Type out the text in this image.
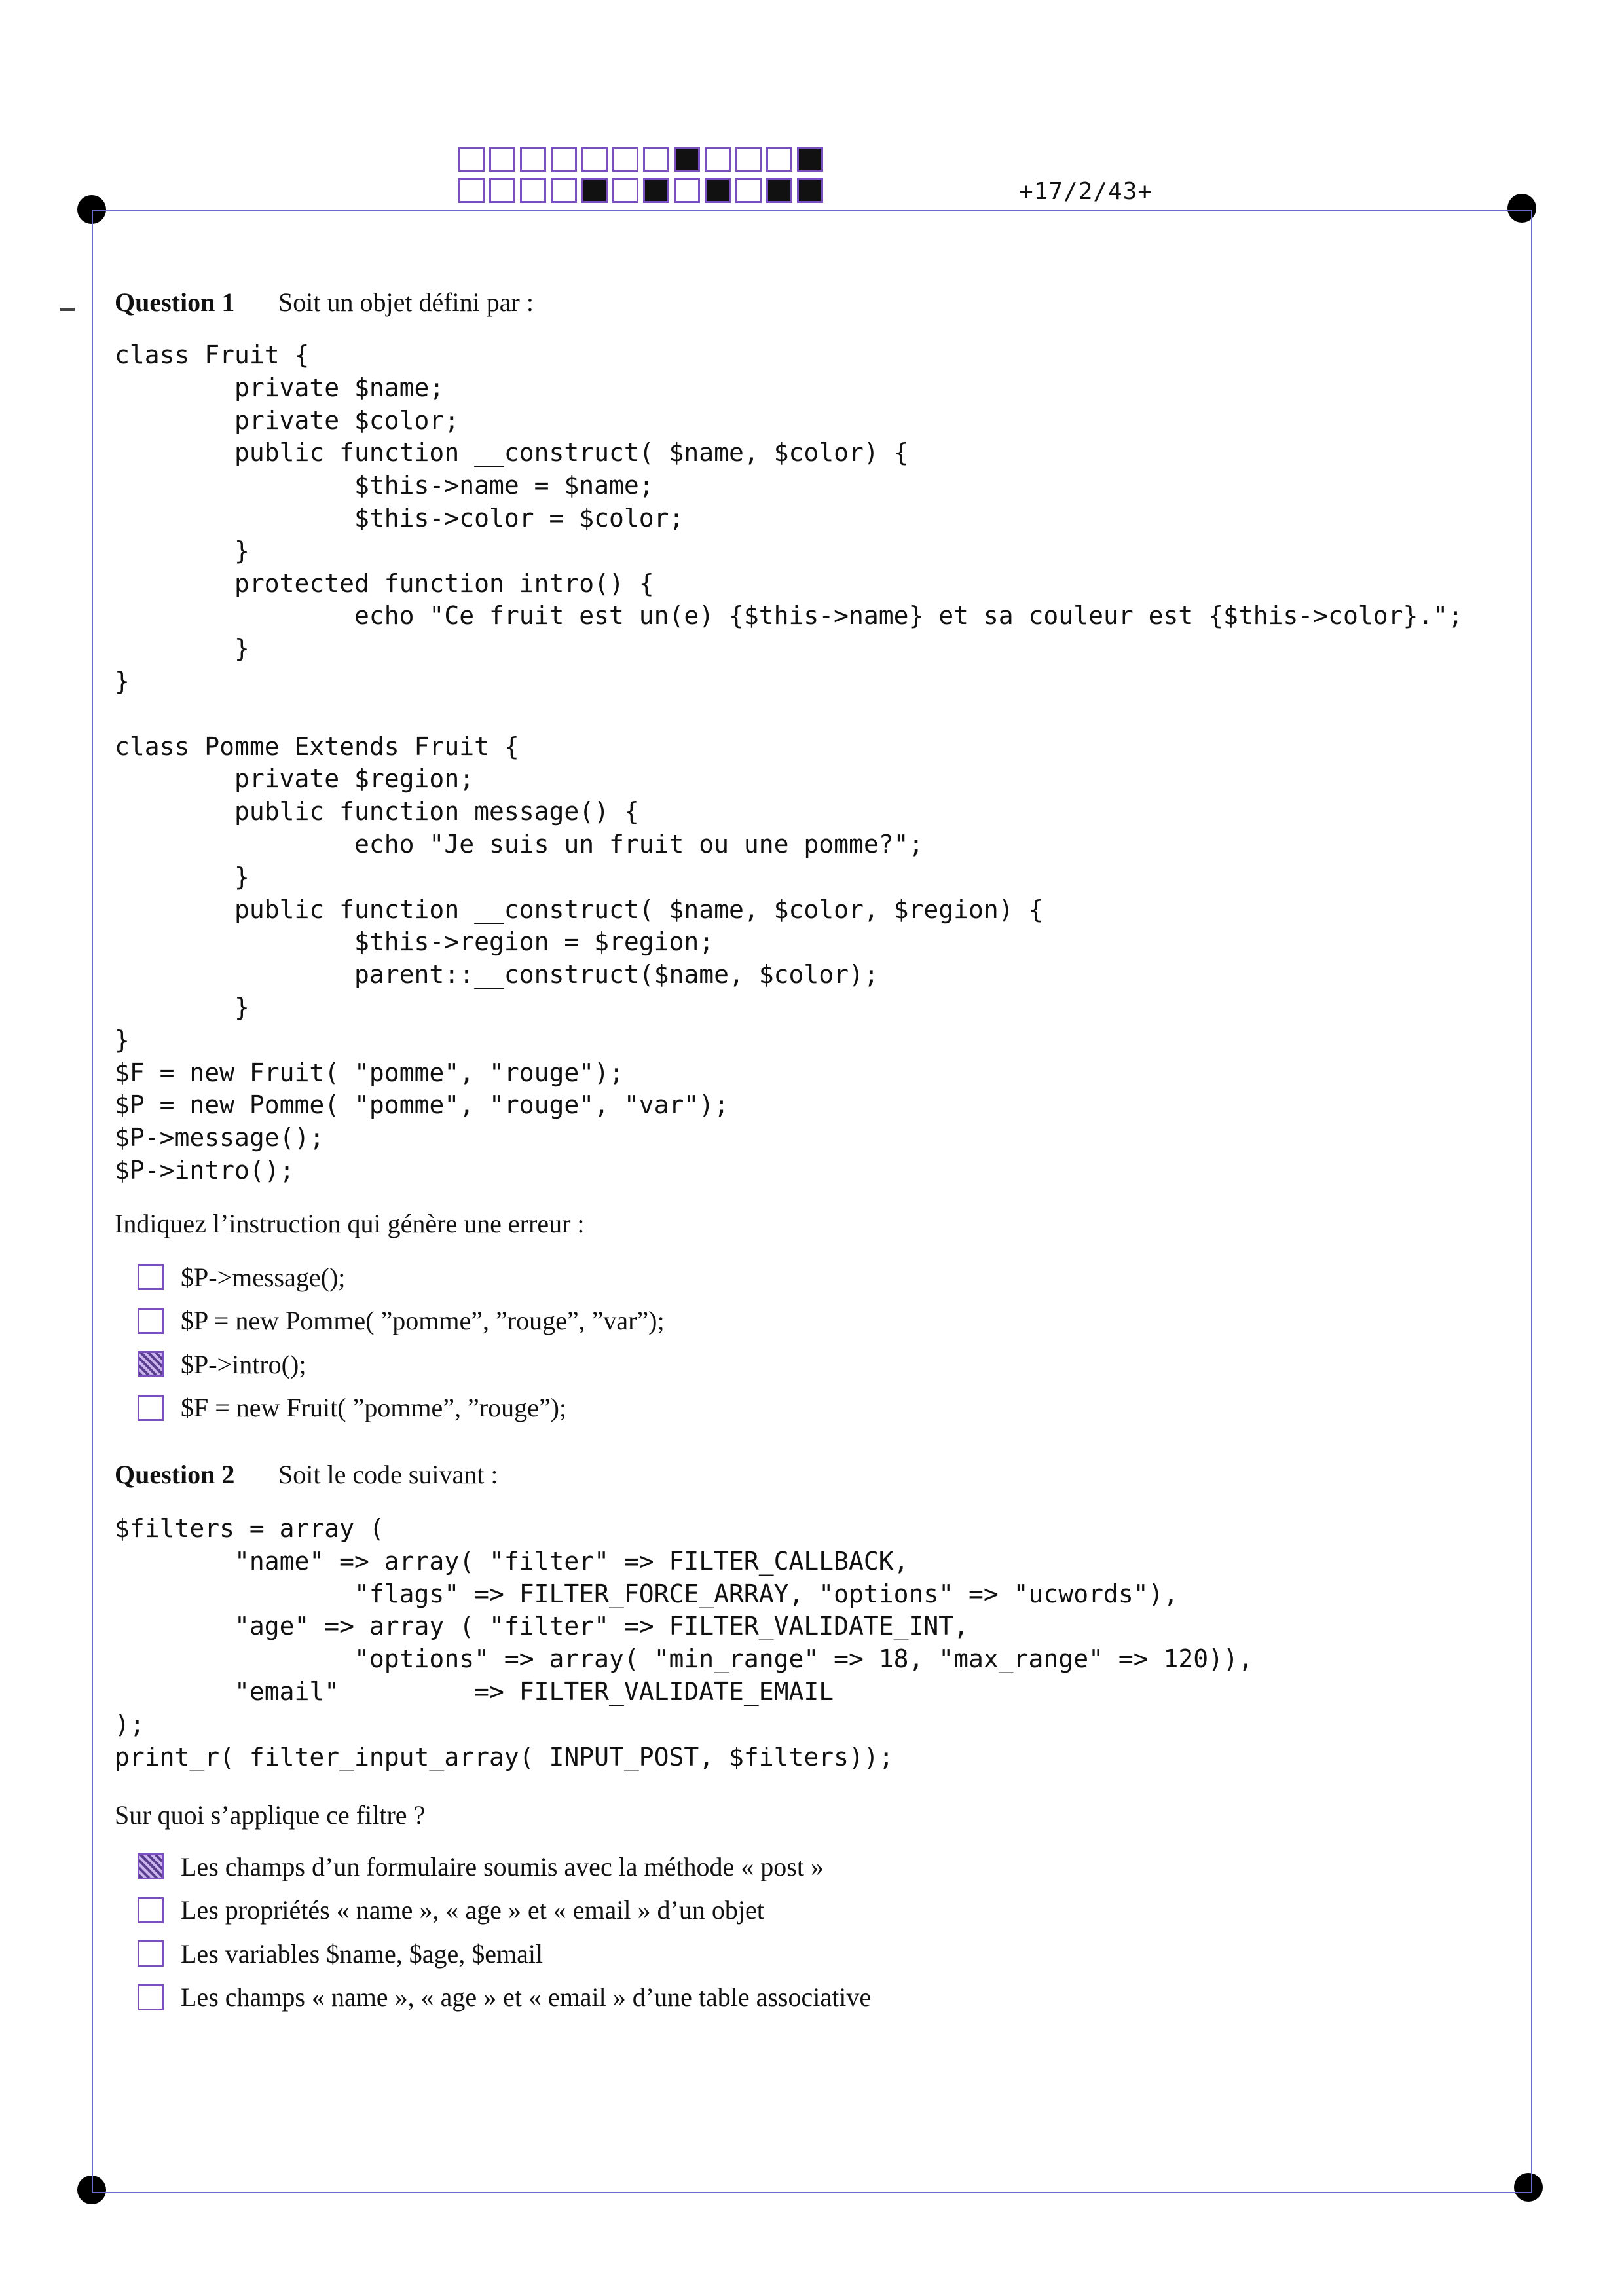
+17/2/43+
Question 1	Soit un objet défini par :
class Fruit {
private $name;
private $color;
public function __construct( $name, $color) {
$this->name = $name;
$this->color = $color;
}
protected function intro() {
echo "Ce fruit est un(e) {$this->name} et sa couleur est {$this->color}.";
}
}
class Pomme Extends Fruit {
private $region;
public function message() {
echo "Je suis un fruit ou une pomme?";
}
public function __construct( $name, $color, $region) {
$this->region = $region;
parent::__construct($name, $color);
}
}
$F = new Fruit( "pomme", "rouge");
$P = new Pomme( "pomme", "rouge", "var");
$P->message();
$P->intro();
Indiquez l’instruction qui génère une erreur :
$P->message();
$P = new Pomme( ”pomme”, ”rouge”, ”var”);
$P->intro();
$F = new Fruit( ”pomme”, ”rouge”);
Question 2	Soit le code suivant :
$filters = array (
"name" => array( "filter" => FILTER_CALLBACK,
"flags" => FILTER_FORCE_ARRAY, "options" => "ucwords"),
"age" => array ( "filter" => FILTER_VALIDATE_INT,
"options" => array( "min_range" => 18, "max_range" => 120)),
"email"         => FILTER_VALIDATE_EMAIL
);
print_r( filter_input_array( INPUT_POST, $filters));
Sur quoi s’applique ce filtre ?
Les champs d’un formulaire soumis avec la méthode « post »
Les propriétés « name », « age » et « email » d’un objet
Les variables $name, $age, $email
Les champs « name », « age » et « email » d’une table associative
